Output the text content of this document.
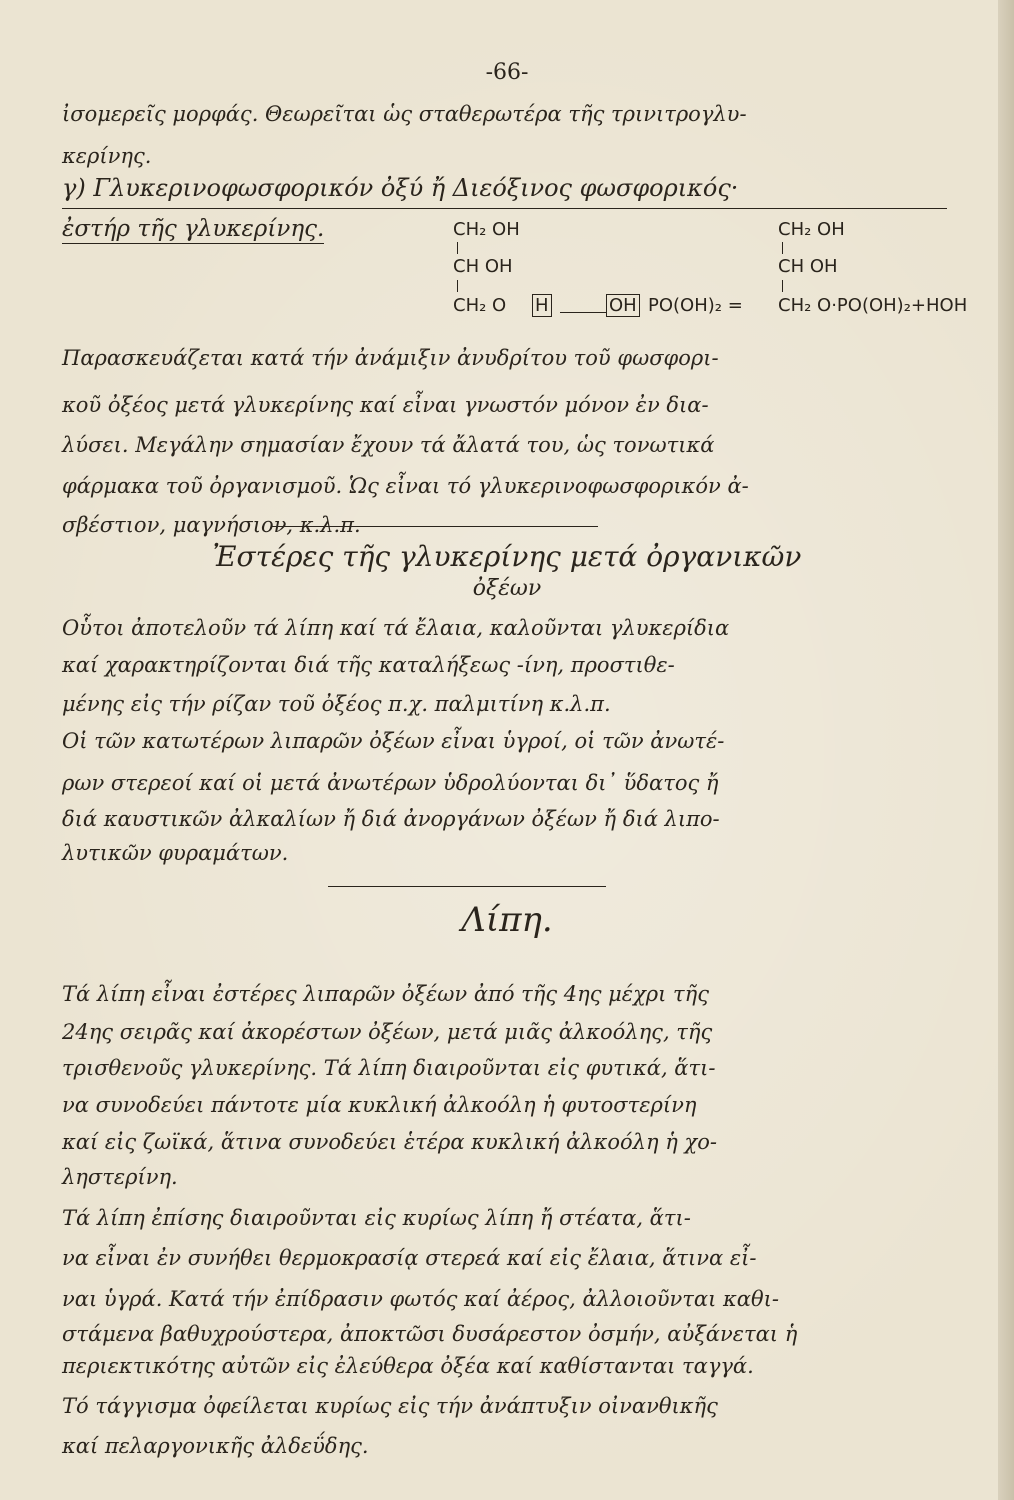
-66-
ἰσομερεῖς μορφάς. Θεωρεῖται ὡς σταθερωτέρα τῆς τρινιτρογλυ-
κερίνης.
γ) Γλυκερινοφωσφορικόν ὀξύ ἤ Διεόξινος φωσφορικός·
ἐστήρ τῆς γλυκερίνης.	CH₂ OH
CH OH
CH₂ O H	OH PO(OH)₂ =
CH₂ OH
CH OH
CH₂ O·PO(OH)₂+HOH
Παρασκευάζεται κατά τήν ἀνάμιξιν ἀνυδρίτου τοῦ φωσφορι-
κοῦ ὀξέος μετά γλυκερίνης καί εἶναι γνωστόν μόνον ἐν δια-
λύσει. Μεγάλην σημασίαν ἔχουν τά ἄλατά του, ὡς τονωτικά
φάρμακα τοῦ ὀργανισμοῦ. Ὡς εἶναι τό γλυκερινοφωσφορικόν ἀ-
σβέστιον, μαγνήσιον, κ.λ.π.
Ἐστέρες τῆς γλυκερίνης μετά ὀργανικῶν
ὀξέων
Οὗτοι ἀποτελοῦν τά λίπη καί τά ἔλαια, καλοῦνται γλυκερίδια
καί χαρακτηρίζονται διά τῆς καταλήξεως -ίνη, προστιθε-
μένης εἰς τήν ρίζαν τοῦ ὀξέος π.χ. παλμιτίνη κ.λ.π.
Οἱ τῶν κατωτέρων λιπαρῶν ὀξέων εἶναι ὑγροί, οἱ τῶν ἀνωτέ-
ρων στερεοί καί οἱ μετά ἀνωτέρων ὑδρολύονται δι᾽ ὕδατος ἤ
διά καυστικῶν ἀλκαλίων ἤ διά ἀνοργάνων ὀξέων ἤ διά λιπο-
λυτικῶν φυραμάτων.
Λίπη.
Τά λίπη εἶναι ἐστέρες λιπαρῶν ὀξέων ἀπό τῆς 4ης μέχρι τῆς
24ης σειρᾶς καί ἀκορέστων ὀξέων, μετά μιᾶς ἀλκοόλης, τῆς
τρισθενοῦς γλυκερίνης. Τά λίπη διαιροῦνται εἰς φυτικά, ἅτι-
να συνοδεύει πάντοτε μία κυκλική ἀλκοόλη ἡ φυτοστερίνη
καί εἰς ζωϊκά, ἅτινα συνοδεύει ἑτέρα κυκλική ἀλκοόλη ἡ χο-
ληστερίνη.
Τά λίπη ἐπίσης διαιροῦνται εἰς κυρίως λίπη ἤ στέατα, ἅτι-
να εἶναι ἐν συνήθει θερμοκρασίᾳ στερεά καί εἰς ἔλαια, ἅτινα εἶ-
ναι ὑγρά. Κατά τήν ἐπίδρασιν φωτός καί ἀέρος, ἀλλοιοῦνται καθι-
στάμενα βαθυχρούστερα, ἀποκτῶσι δυσάρεστον ὀσμήν, αὐξάνεται ἡ
περιεκτικότης αὐτῶν εἰς ἐλεύθερα ὀξέα καί καθίστανται ταγγά.
Τό τάγγισμα ὀφείλεται κυρίως εἰς τήν ἀνάπτυξιν οἰνανθικῆς
καί πελαργονικῆς ἀλδεΰδης.
